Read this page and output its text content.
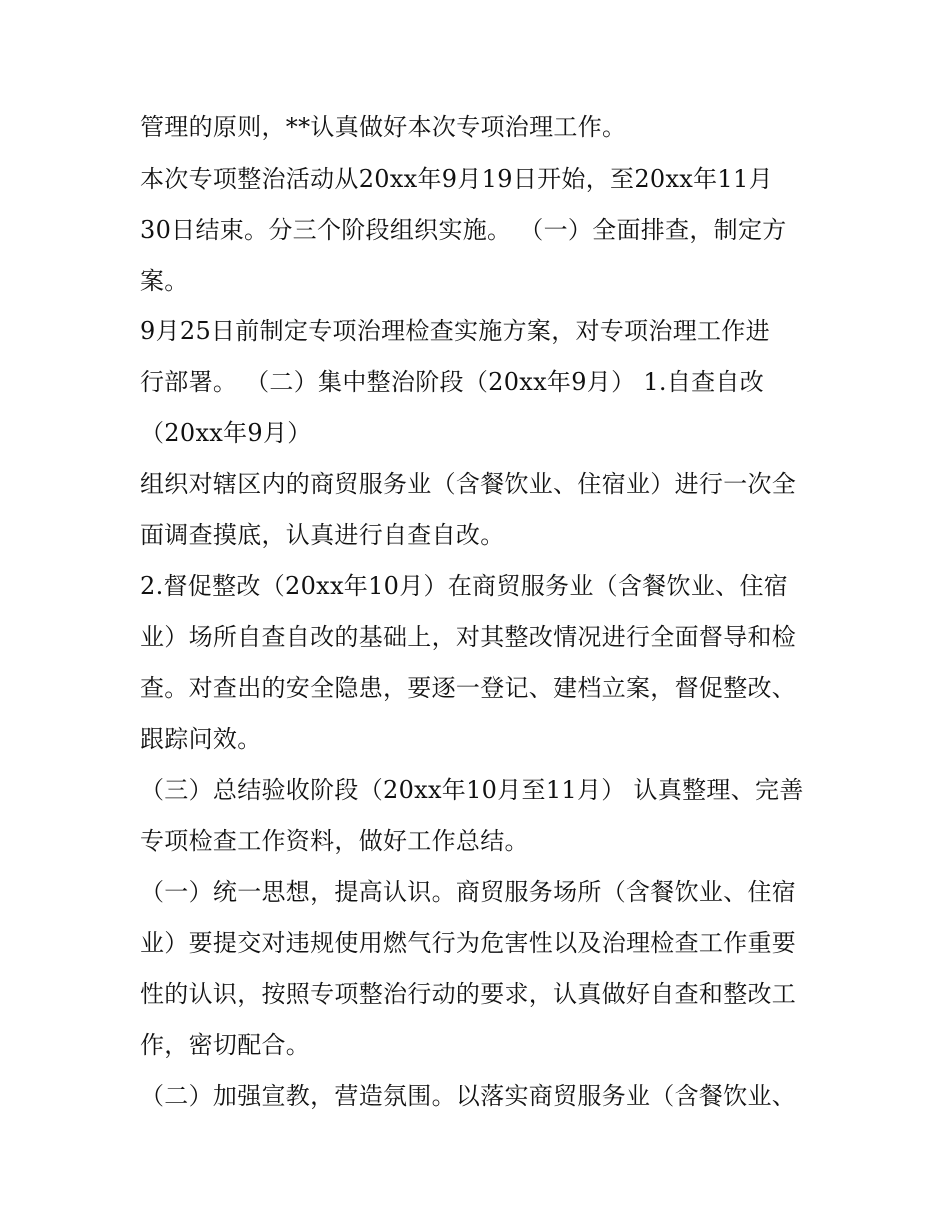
管理的原则，**认真做好本次专项治理工作。
本次专项整治活动从20xx年9月19日开始，至20xx年11月
30日结束。分三个阶段组织实施。 （一）全面排查，制定方
案。
9月25日前制定专项治理检查实施方案，对专项治理工作进
行部署。 （二）集中整治阶段（20xx年9月） 1.自查自改
（20xx年9月）
组织对辖区内的商贸服务业（含餐饮业、住宿业）进行一次全
面调查摸底，认真进行自查自改。
2.督促整改（20xx年10月）在商贸服务业（含餐饮业、住宿
业）场所自查自改的基础上，对其整改情况进行全面督导和检
查。对查出的安全隐患，要逐一登记、建档立案，督促整改、
跟踪问效。
（三）总结验收阶段（20xx年10月至11月） 认真整理、完善
专项检查工作资料，做好工作总结。
（一）统一思想，提高认识。商贸服务场所（含餐饮业、住宿
业）要提交对违规使用燃气行为危害性以及治理检查工作重要
性的认识，按照专项整治行动的要求，认真做好自查和整改工
作，密切配合。
（二）加强宣教，营造氛围。以落实商贸服务业（含餐饮业、
